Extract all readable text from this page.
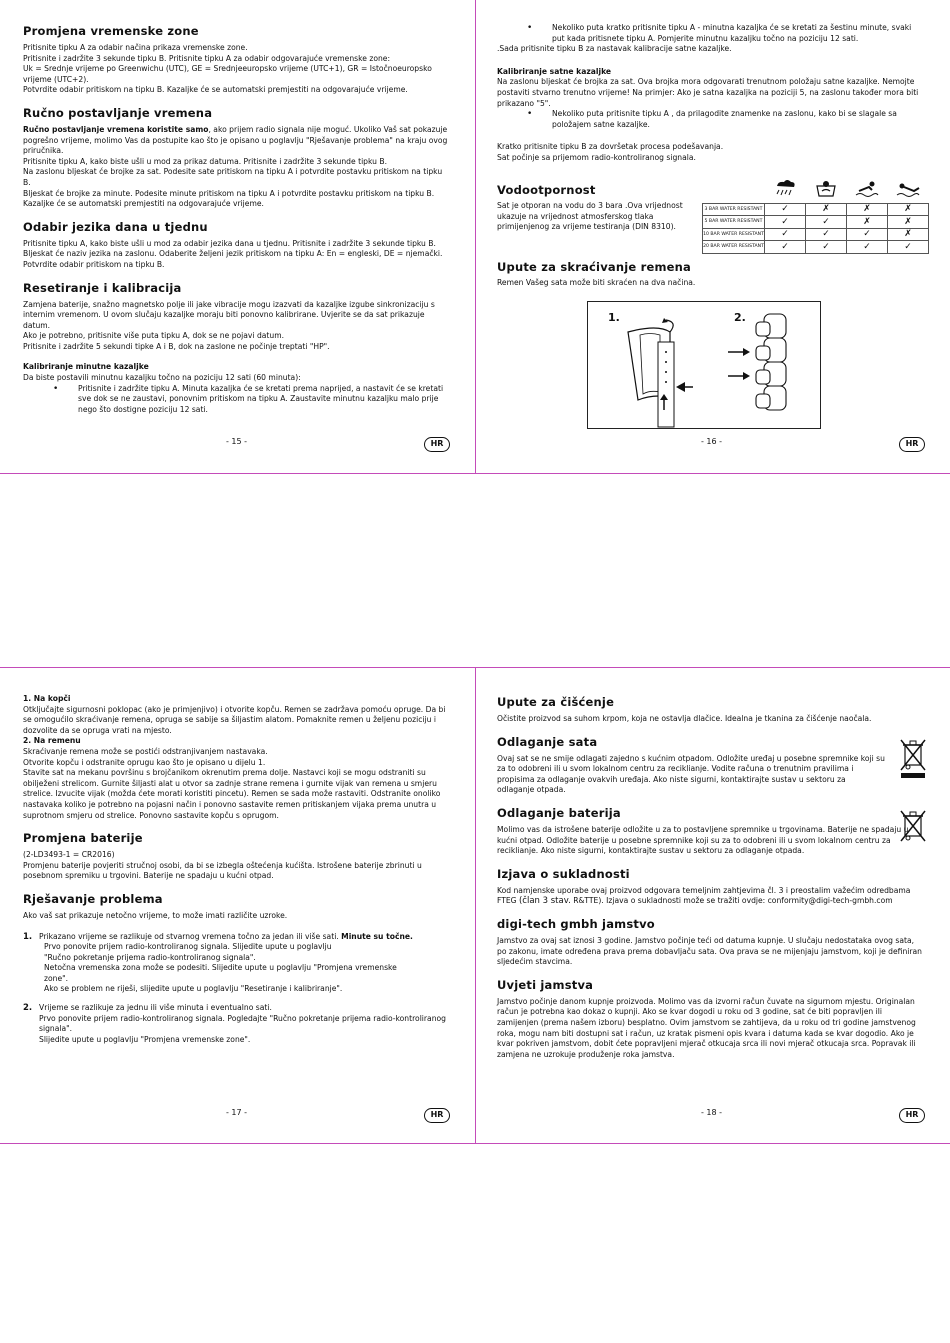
Promjena vremenske zone

Pritisnite tipku A za odabir načina prikaza vremenske zone.

Pritisnite i zadržite 3 sekunde tipku B. Pritisnite tipku A za odabir odgovarajuće vremenske zone:

Uk = Srednje vrijeme po Greenwichu (UTC), GE = Srednjeeuropsko vrijeme (UTC+1), GR = Istočnoeuropsko vrijeme (UTC+2).

Potvrdite odabir pritiskom na tipku B. Kazaljke će se automatski premjestiti na odgovarajuće vrijeme.

Ručno postavljanje vremena

Ručno postavljanje vremena koristite samo, ako prijem radio signala nije moguć. Ukoliko Vaš sat pokazuje pogrešno vrijeme, molimo Vas da postupite kao što je opisano u poglavlju "Rješavanje problema" na kraju ovog priručnika.

Pritisnite tipku A, kako biste ušli u mod za prikaz datuma. Pritisnite i zadržite 3 sekunde tipku B.

Na zaslonu bljeskat će brojke za sat. Podesite sate pritiskom na tipku A i potvrdite postavku pritiskom na tipku B.

Bljeskat će brojke za minute. Podesite minute pritiskom na tipku A i potvrdite postavku pritiskom na tipku B.

Kazaljke će se automatski premjestiti na odgovarajuće vrijeme.

Odabir jezika dana u tjednu

Pritisnite tipku A, kako biste ušli u mod za odabir jezika dana u tjednu. Pritisnite i zadržite 3 sekunde tipku B.

Bljeskat će naziv jezika na zaslonu. Odaberite željeni jezik pritiskom na tipku A: En = engleski, DE = njemački.

Potvrdite odabir pritiskom na tipku B.

Resetiranje i kalibracija

Zamjena baterije, snažno magnetsko polje ili jake vibracije mogu izazvati da kazaljke izgube sinkronizaciju s internim vremenom. U ovom slučaju kazaljke moraju biti ponovno kalibrirane. Uvjerite se da sat prikazuje datum.

Ako je potrebno, pritisnite više puta tipku A, dok se ne pojavi datum.

Pritisnite i zadržite 5 sekundi tipke A i B, dok na zaslone ne počinje treptati "HP".

Kalibriranje minutne kazaljke

Da biste postavili minutnu kazaljku točno na poziciju 12 sati (60 minuta):

• Pritisnite i zadržite tipku A. Minuta kazaljka će se kretati prema naprijed, a nastavit će se kretati sve dok se ne zaustavi, ponovnim pritiskom na tipku A. Zaustavite minutnu kazaljku malo prije nego što dostigne poziciju 12 sati.
- 15 -	HR
• Nekoliko puta kratko pritisnite tipku A - minutna kazaljka će se kretati za šestinu minute, svaki put kada pritisnete tipku A. Pomjerite minutnu kazaljku točno na poziciju 12 sati.

.Sada pritisnite tipku B za nastavak kalibracije satne kazaljke.

Kalibriranje satne kazaljke

Na zaslonu bljeskat će brojka za sat. Ova brojka mora odgovarati trenutnom položaju satne kazaljke. Nemojte postaviti stvarno trenutno vrijeme! Na primjer: Ako je satna kazaljka na poziciji 5, na zaslonu također mora biti prikazano "5".

• Nekoliko puta pritisnite tipku A , da prilagodite znamenke na zaslonu, kako bi se slagale sa položajem satne kazaljke.

Kratko pritisnite tipku B za dovršetak procesa podešavanja.

Sat počinje sa prijemom radio-kontroliranog signala.

Vodootpornost

Sat je otporan na vodu do 3 bara .Ova vrijednost ukazuje na vrijednost atmosferskog tlaka primijenjenog za vrijeme testiranja (DIN 8310).

3 BAR WATER RESISTANT	✓	✗	✗	✗
5 BAR WATER RESISTANT	✓	✓	✗	✗
10 BAR WATER RESISTANT	✓	✓	✓	✗
20 BAR WATER RESISTANT	✓	✓	✓	✓
Upute za skraćivanje remena

Remen Vašeg sata može biti skraćen na dva načina.

1.	2.
- 16 -	HR

1. Na kopči

Otključajte sigurnosni poklopac (ako je primjenjivo) i otvorite kopču. Remen se zadržava pomoću opruge. Da bi se omogućilo skraćivanje remena, opruga se sabije sa šiljastim alatom. Pomaknite remen u željenu poziciju i dozvolite da se opruga vrati na mjesto.

2. Na remenu

Skraćivanje remena može se postići odstranjivanjem nastavaka.

Otvorite kopču i odstranite oprugu kao što je opisano u dijelu 1.

Stavite sat na mekanu površinu s brojčanikom okrenutim prema dolje. Nastavci koji se mogu odstraniti su obilježeni strelicom. Gurnite šiljasti alat u otvor sa zadnje strane remena i gurnite vijak van remena u smjeru strelice. Izvucite vijak (možda ćete morati koristiti pincetu). Remen se sada može rastaviti. Odstranite onoliko nastavaka koliko je potrebno na pojasni način i ponovno sastavite remen pritiskanjem vijaka prema unutra u suprotnom smjeru od strelice. Ponovno sastavite kopču s oprugom.

Promjena baterije

(2-LD3493-1 = CR2016)

Promjenu baterije povjeriti stručnoj osobi, da bi se izbegla oštećenja kućišta. Istrošene baterije zbrinuti u posebnom spremiku u trgovini. Baterije ne spadaju u kućni otpad.

Rješavanje problema

Ako vaš sat prikazuje netočno vrijeme, to može imati različite uzroke.

1. Prikazano vrijeme se razlikuje od stvarnog vremena točno za jedan ili više sati. Minute su točne.

Prvo ponovite prijem radio-kontroliranog signala. Slijedite upute u poglavlju "Ručno pokretanje prijema radio-kontroliranog signala".

Netočna vremenska zona može se podesiti. Slijedite upute u poglavlju "Promjena vremenske zone".

Ako se problem ne riješi, slijedite upute u poglavlju "Resetiranje i kalibriranje".

2. Vrijeme se razlikuje za jednu ili više minuta i eventualno sati.

Prvo ponovite prijem radio-kontroliranog signala. Pogledajte "Ručno pokretanje prijema radio-kontroliranog signala".

Slijedite upute u poglavlju "Promjena vremenske zone".

- 17 -	HR
Upute za čišćenje

Očistite proizvod sa suhom krpom, koja ne ostavlja dlačice. Idealna je tkanina za čišćenje naočala.

Odlaganje sata

Ovaj sat se ne smije odlagati zajedno s kućnim otpadom. Odložite uređaj u posebne spremnike koji su za to odobreni ili u svom lokalnom centru za reciklianje. Vodite računa o trenutnim pravilima i propisima za odlaganje ovakvih uređaja. Ako niste sigurni, kontaktirajte sustav u sektoru za odlaganje otpada.

Odlaganje baterija

Molimo vas da istrošene baterije odložite u za to postavljene spremnike u trgovinama. Baterije ne spadaju u kućni otpad. Odložite baterije u posebne spremnike koji su za to odobreni ili u svom lokalnom centru za reciklianje. Ako niste sigurni, kontaktirajte sustav u sektoru za odlaganje otpada.

Izjava o sukladnosti

Kod namjenske uporabe ovaj proizvod odgovara temeljnim zahtjevima čl. 3 i preostalim važećim odredbama FTEG (član 3 stav. R&TTE). Izjava o sukladnosti može se tražiti ovdje: conformity@digi-tech-gmbh.com

digi-tech gmbh jamstvo

Jamstvo za ovaj sat iznosi 3 godine. Jamstvo počinje teći od datuma kupnje. U slučaju nedostataka ovog sata, po zakonu, imate određena prava prema dobavljaču sata. Ova prava se ne mijenjaju jamstvom, koji je definiran sljedećim stavcima.

Uvjeti jamstva

Jamstvo počinje danom kupnje proizvoda. Molimo vas da izvorni račun čuvate na sigurnom mjestu. Originalan račun je potrebna kao dokaz o kupnji. Ako se kvar dogodi u roku od 3 godine, sat će biti popravljen ili zamijenjen (prema našem izboru) besplatno. Ovim jamstvom se zahtijeva, da u roku od tri godine jamstvenog roka, mogu nam biti dostupni sat i račun, uz kratak pismeni opis kvara i datuma kada se kvar dogodio. Ako je kvar pokriven jamstvom, dobit ćete popravljeni mjerač otkucaja srca ili novi mjerač otkucaja srca. Popravak ili zamjena ne uzrokuje produženje roka jamstva.

- 18 -	HR
